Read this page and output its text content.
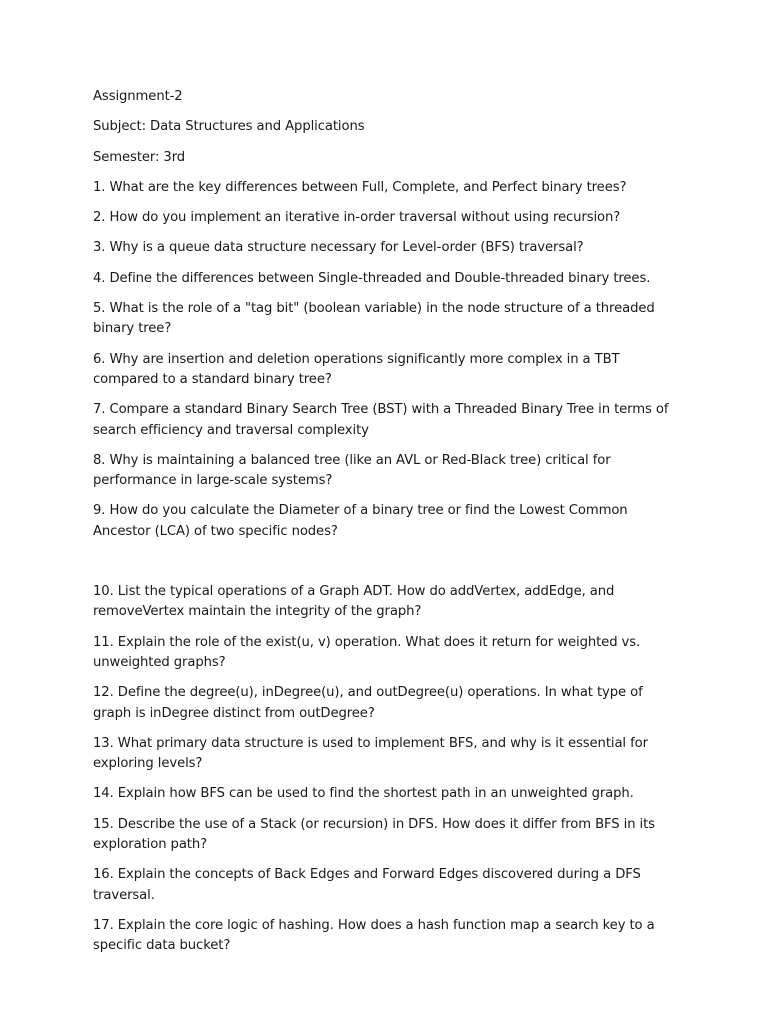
Assignment-2

Subject: Data Structures and Applications

Semester: 3rd

1. What are the key differences between Full, Complete, and Perfect binary trees?

2. How do you implement an iterative in-order traversal without using recursion?

3. Why is a queue data structure necessary for Level-order (BFS) traversal?

4. Define the differences between Single-threaded and Double-threaded binary trees.

5. What is the role of a "tag bit" (boolean variable) in the node structure of a threaded binary tree?

6. Why are insertion and deletion operations significantly more complex in a TBT compared to a standard binary tree?

7. Compare a standard Binary Search Tree (BST) with a Threaded Binary Tree in terms of search efficiency and traversal complexity

8. Why is maintaining a balanced tree (like an AVL or Red-Black tree) critical for performance in large-scale systems?

9. How do you calculate the Diameter of a binary tree or find the Lowest Common Ancestor (LCA) of two specific nodes?

10. List the typical operations of a Graph ADT. How do addVertex, addEdge, and removeVertex maintain the integrity of the graph?

11. Explain the role of the exist(u, v) operation. What does it return for weighted vs. unweighted graphs?

12. Define the degree(u), inDegree(u), and outDegree(u) operations. In what type of graph is inDegree distinct from outDegree?

13. What primary data structure is used to implement BFS, and why is it essential for exploring levels?

14. Explain how BFS can be used to find the shortest path in an unweighted graph.

15. Describe the use of a Stack (or recursion) in DFS. How does it differ from BFS in its exploration path?

16. Explain the concepts of Back Edges and Forward Edges discovered during a DFS traversal.

17. Explain the core logic of hashing. How does a hash function map a search key to a specific data bucket?
